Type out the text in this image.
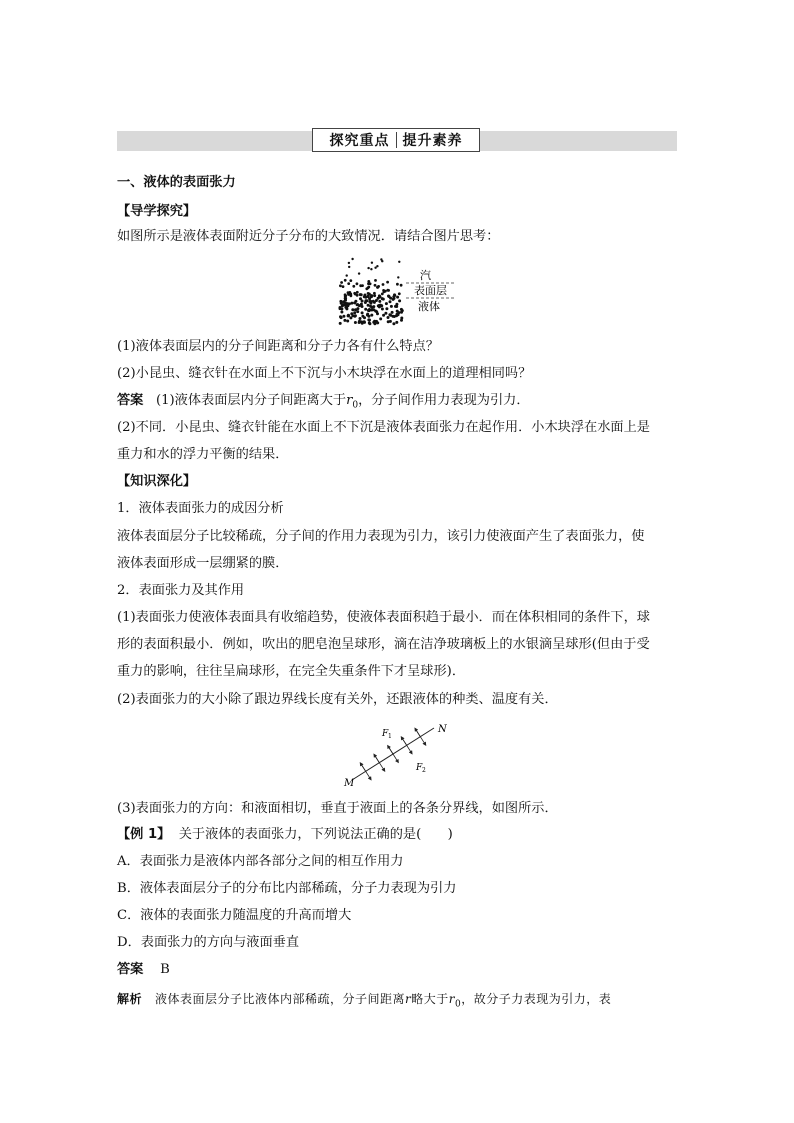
探究重点 提升素养
一、液体的表面张力
【导学探究】
如图所示是液体表面附近分子分布的大致情况．请结合图片思考：
汽
表面层
液体
(1)液体表面层内的分子间距离和分子力各有什么特点？
(2)小昆虫、缝衣针在水面上不下沉与小木块浮在水面上的道理相同吗？
答案 (1)液体表面层内分子间距离大于$r_0$，分子间作用力表现为引力．
(2)不同．小昆虫、缝衣针能在水面上不下沉是液体表面张力在起作用．小木块浮在水面上是
重力和水的浮力平衡的结果．
【知识深化】
1．液体表面张力的成因分析
液体表面层分子比较稀疏，分子间的作用力表现为引力，该引力使液面产生了表面张力，使
液体表面形成一层绷紧的膜．
2．表面张力及其作用
(1)表面张力使液体表面具有收缩趋势，使液体表面积趋于最小．而在体积相同的条件下，球
形的表面积最小．例如，吹出的肥皂泡呈球形，滴在洁净玻璃板上的水银滴呈球形(但由于受
重力的影响，往往呈扁球形，在完全失重条件下才呈球形)．
(2)表面张力的大小除了跟边界线长度有关外，还跟液体的种类、温度有关．
N
M
F 1
F 2
(3)表面张力的方向：和液面相切，垂直于液面上的各条分界线，如图所示．
【例 1】 关于液体的表面张力，下列说法正确的是(　　)
A．表面张力是液体内部各部分之间的相互作用力
B．液体表面层分子的分布比内部稀疏，分子力表现为引力
C．液体的表面张力随温度的升高而增大
D．表面张力的方向与液面垂直
答案 B
解析 液体表面层分子比液体内部稀疏，分子间距离r略大于$r_0$，故分子力表现为引力，表
